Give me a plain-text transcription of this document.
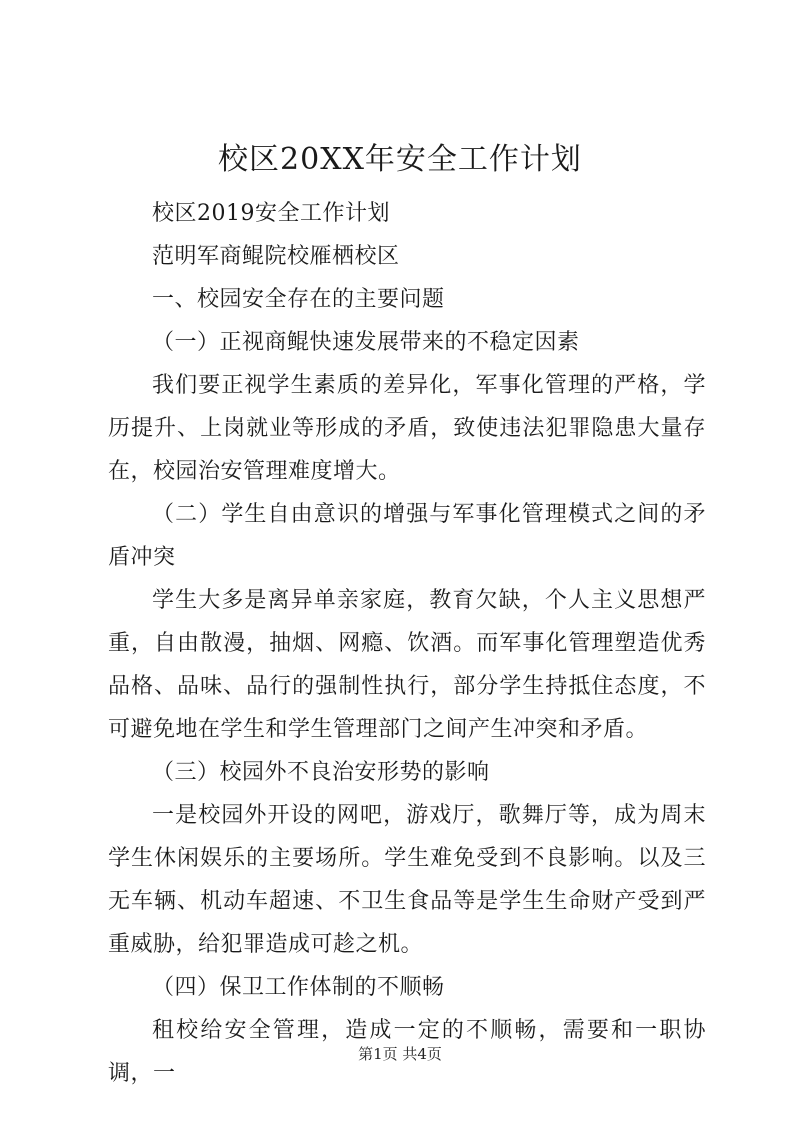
校区20XX年安全工作计划

校区2019安全工作计划

范明军商鲲院校雁栖校区

一、校园安全存在的主要问题

（一）正视商鲲快速发展带来的不稳定因素

我们要正视学生素质的差异化，军事化管理的严格，学历提升、上岗就业等形成的矛盾，致使违法犯罪隐患大量存在，校园治安管理难度增大。

（二）学生自由意识的增强与军事化管理模式之间的矛盾冲突

学生大多是离异单亲家庭，教育欠缺，个人主义思想严重，自由散漫，抽烟、网瘾、饮酒。而军事化管理塑造优秀品格、品味、品行的强制性执行，部分学生持抵住态度，不可避免地在学生和学生管理部门之间产生冲突和矛盾。

（三）校园外不良治安形势的影响

一是校园外开设的网吧，游戏厅，歌舞厅等，成为周末学生休闲娱乐的主要场所。学生难免受到不良影响。以及三无车辆、机动车超速、不卫生食品等是学生生命财产受到严重威胁，给犯罪造成可趁之机。

（四）保卫工作体制的不顺畅

租校给安全管理，造成一定的不顺畅，需要和一职协调，一

第1页 共4页
